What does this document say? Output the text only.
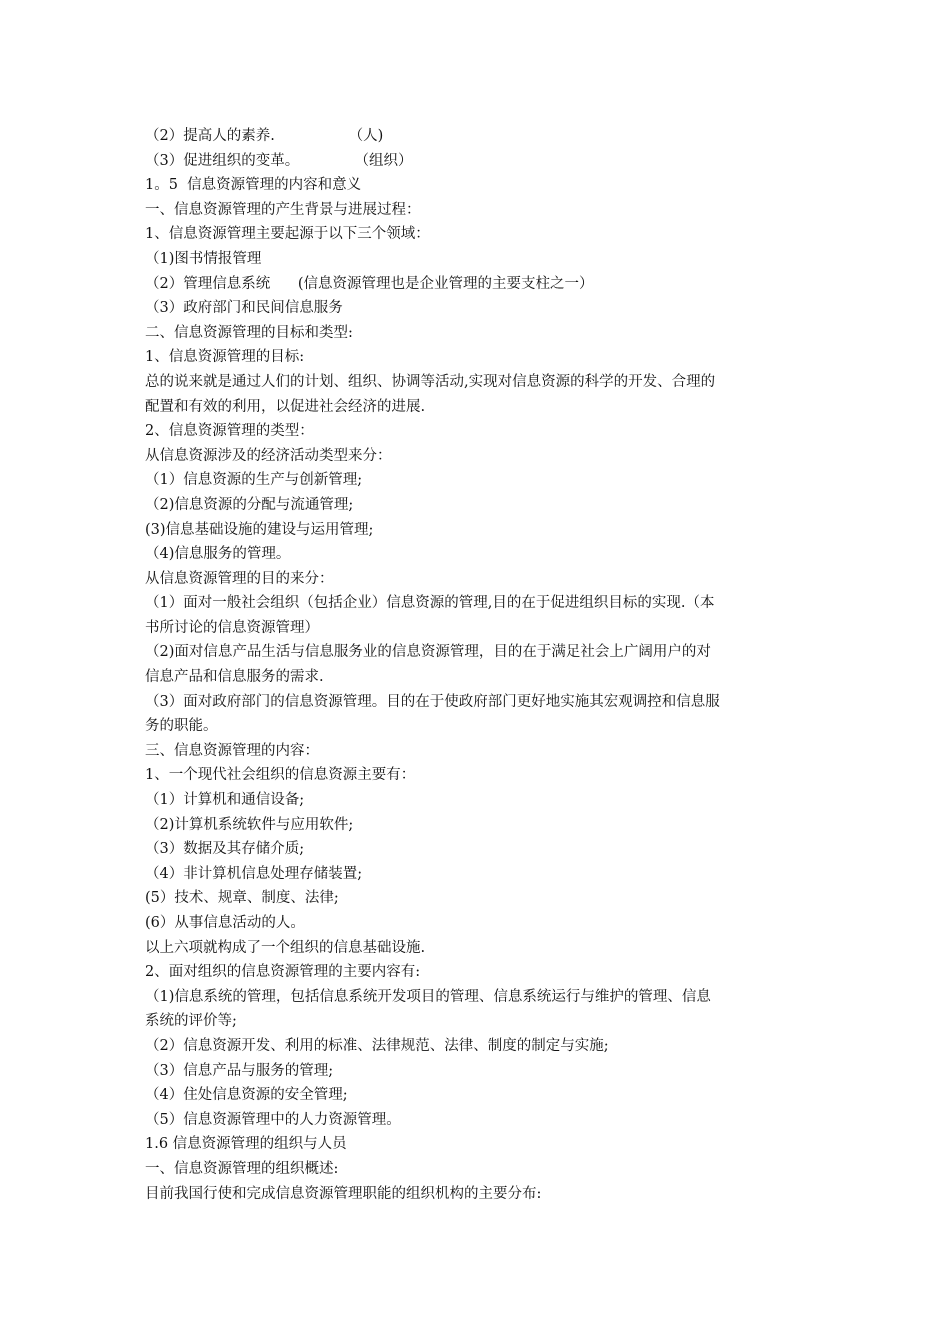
（2）提高人的素养.                （人)

（3）促进组织的变革。            （组织）

1。5  信息资源管理的内容和意义

一、信息资源管理的产生背景与进展过程：

1、信息资源管理主要起源于以下三个领域：

（1)图书情报管理

（2）管理信息系统      (信息资源管理也是企业管理的主要支柱之一）

（3）政府部门和民间信息服务

二、信息资源管理的目标和类型:

1、信息资源管理的目标:

总的说来就是通过人们的计划、组织、协调等活动,实现对信息资源的科学的开发、合理的

配置和有效的利用，以促进社会经济的进展.

2、信息资源管理的类型：

从信息资源涉及的经济活动类型来分：

（1）信息资源的生产与创新管理;

（2)信息资源的分配与流通管理;

(3)信息基础设施的建设与运用管理;

（4)信息服务的管理。

从信息资源管理的目的来分：

（1）面对一般社会组织（包括企业）信息资源的管理,目的在于促进组织目标的实现.（本

书所讨论的信息资源管理）

（2)面对信息产品生活与信息服务业的信息资源管理，目的在于满足社会上广阔用户的对

信息产品和信息服务的需求.

（3）面对政府部门的信息资源管理。目的在于使政府部门更好地实施其宏观调控和信息服

务的职能。

三、信息资源管理的内容：

1、一个现代社会组织的信息资源主要有：

（1）计算机和通信设备;

（2)计算机系统软件与应用软件;

（3）数据及其存储介质;

（4）非计算机信息处理存储装置;

(5）技术、规章、制度、法律;

(6）从事信息活动的人。

以上六项就构成了一个组织的信息基础设施.

2、面对组织的信息资源管理的主要内容有:

（1)信息系统的管理，包括信息系统开发项目的管理、信息系统运行与维护的管理、信息

系统的评价等;

（2）信息资源开发、利用的标准、法律规范、法律、制度的制定与实施;

（3）信息产品与服务的管理;

（4）住处信息资源的安全管理;

（5）信息资源管理中的人力资源管理。

1.6 信息资源管理的组织与人员

一、信息资源管理的组织概述:

目前我国行使和完成信息资源管理职能的组织机构的主要分布:
